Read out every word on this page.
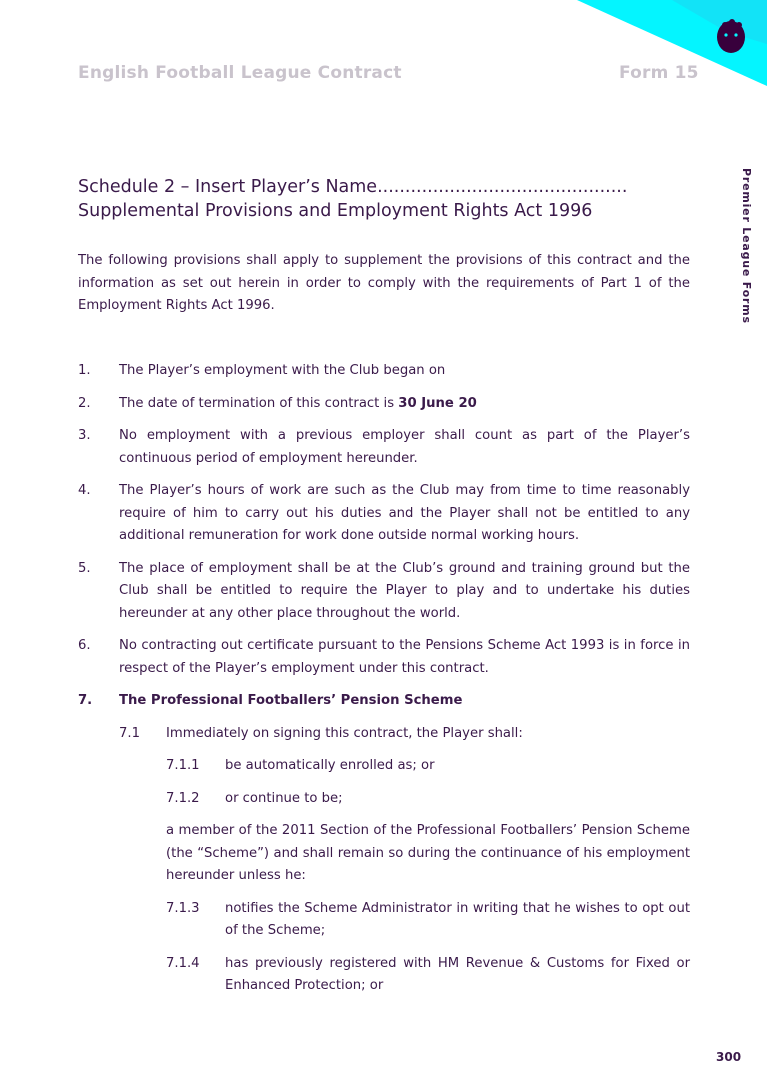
English Football League Contract	Form 15
Premier League Forms
Schedule 2 – Insert Player’s Name.............................................
Supplemental Provisions and Employment Rights Act 1996
The following provisions shall apply to supplement the provisions of this contract and the information as set out herein in order to comply with the requirements of Part 1 of the Employment Rights Act 1996.
1.	The Player’s employment with the Club began on
2.	The date of termination of this contract is 30 June 20
3.	No employment with a previous employer shall count as part of the Player’s continuous period of employment hereunder.
4.	The Player’s hours of work are such as the Club may from time to time reasonably require of him to carry out his duties and the Player shall not be entitled to any additional remuneration for work done outside normal working hours.
5.	The place of employment shall be at the Club’s ground and training ground but the Club shall be entitled to require the Player to play and to undertake his duties hereunder at any other place throughout the world.
6.	No contracting out certificate pursuant to the Pensions Scheme Act 1993 is in force in respect of the Player’s employment under this contract.
7.	The Professional Footballers’ Pension Scheme
7.1	Immediately on signing this contract, the Player shall:
7.1.1	be automatically enrolled as; or
7.1.2	or continue to be;
a member of the 2011 Section of the Professional Footballers’ Pension Scheme (the “Scheme”) and shall remain so during the continuance of his employment hereunder unless he:
7.1.3	notifies the Scheme Administrator in writing that he wishes to opt out of the Scheme;
7.1.4	has previously registered with HM Revenue & Customs for Fixed or Enhanced Protection; or
300
